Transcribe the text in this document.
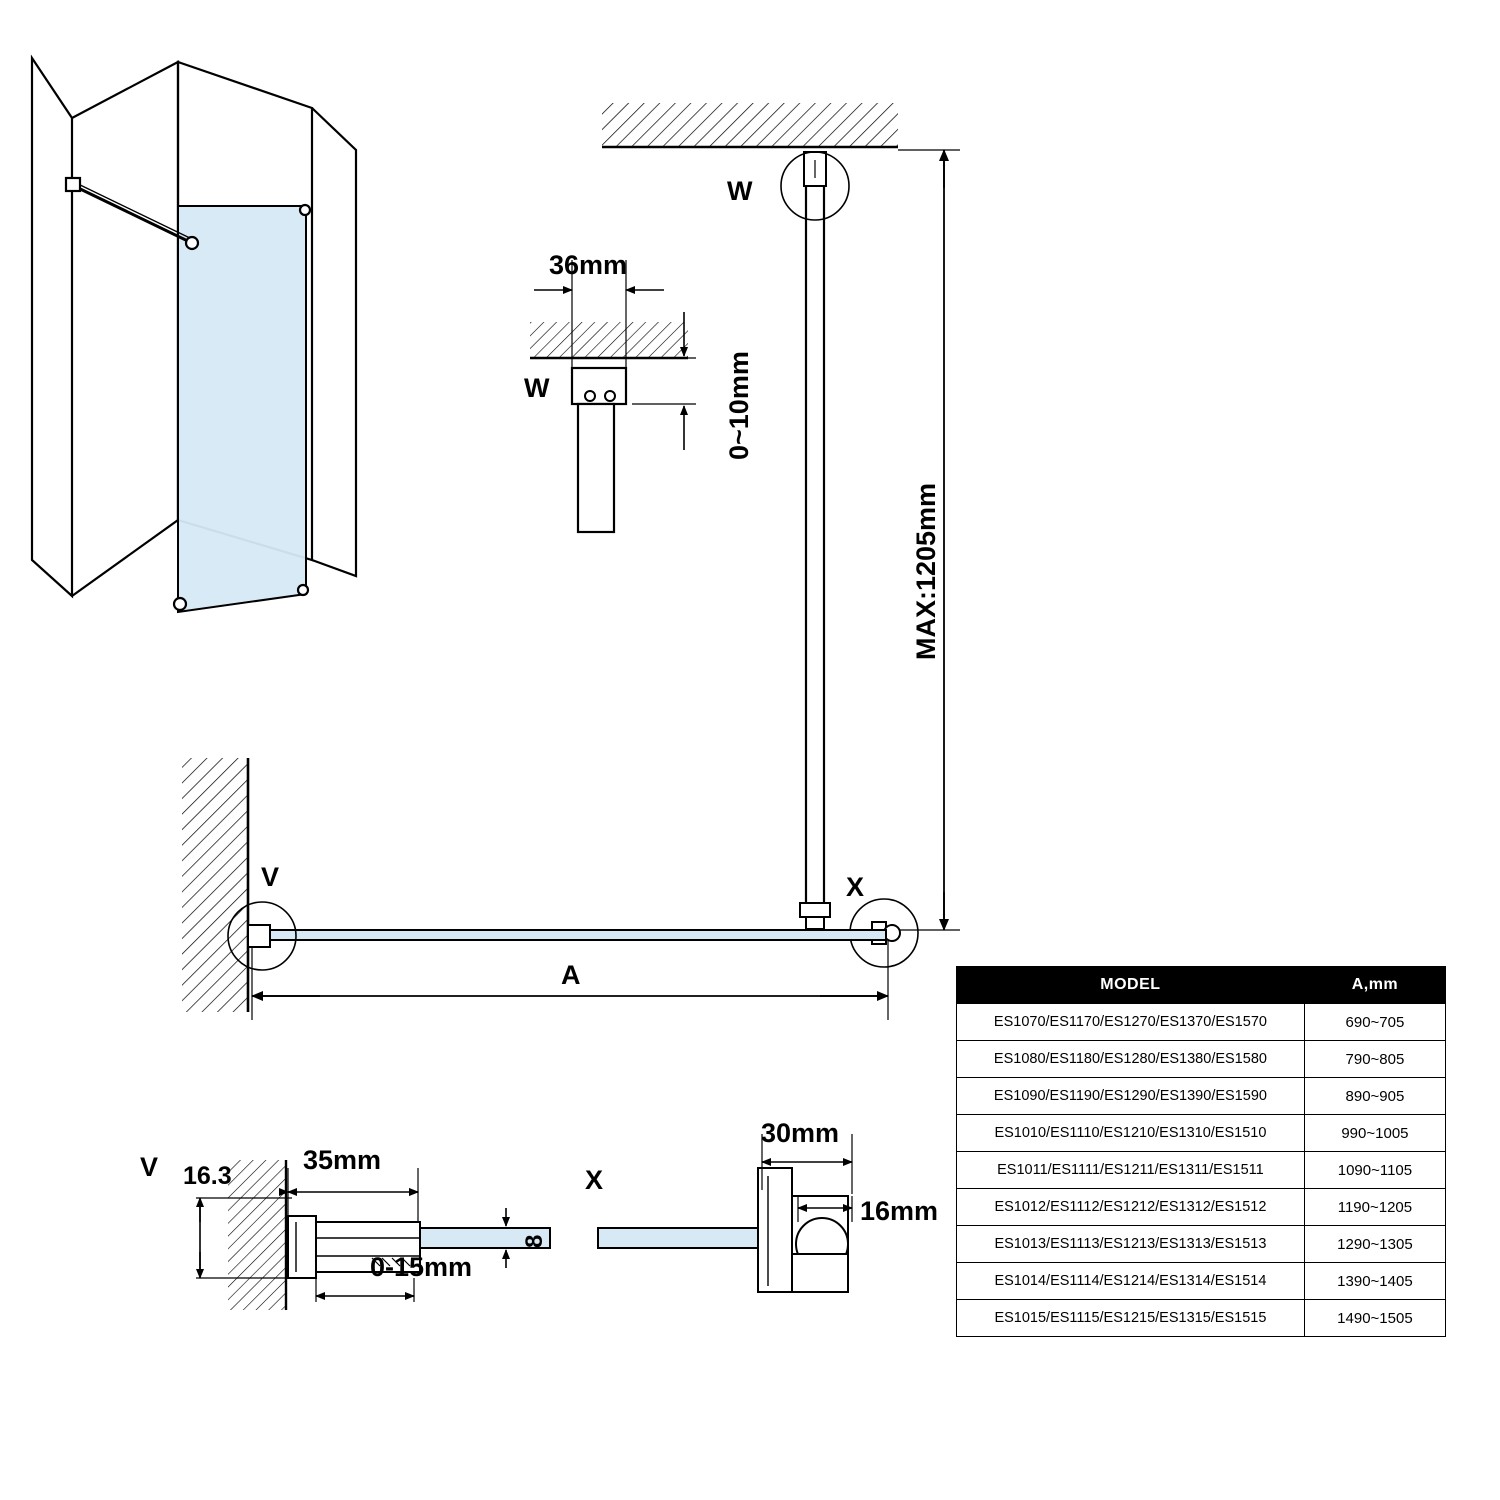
W
W
36mm
0~10mm
MAX:1205mm
V	X
A
V 16.3
35mm
0-15mm
8
X
30mm
16mm
MODEL	A,mm
ES1070/ES1170/ES1270/ES1370/ES1570	690~705
ES1080/ES1180/ES1280/ES1380/ES1580	790~805
ES1090/ES1190/ES1290/ES1390/ES1590	890~905
ES1010/ES1110/ES1210/ES1310/ES1510	990~1005
ES1011/ES1111/ES1211/ES1311/ES1511	1090~1105
ES1012/ES1112/ES1212/ES1312/ES1512	1190~1205
ES1013/ES1113/ES1213/ES1313/ES1513	1290~1305
ES1014/ES1114/ES1214/ES1314/ES1514	1390~1405
ES1015/ES1115/ES1215/ES1315/ES1515	1490~1505
